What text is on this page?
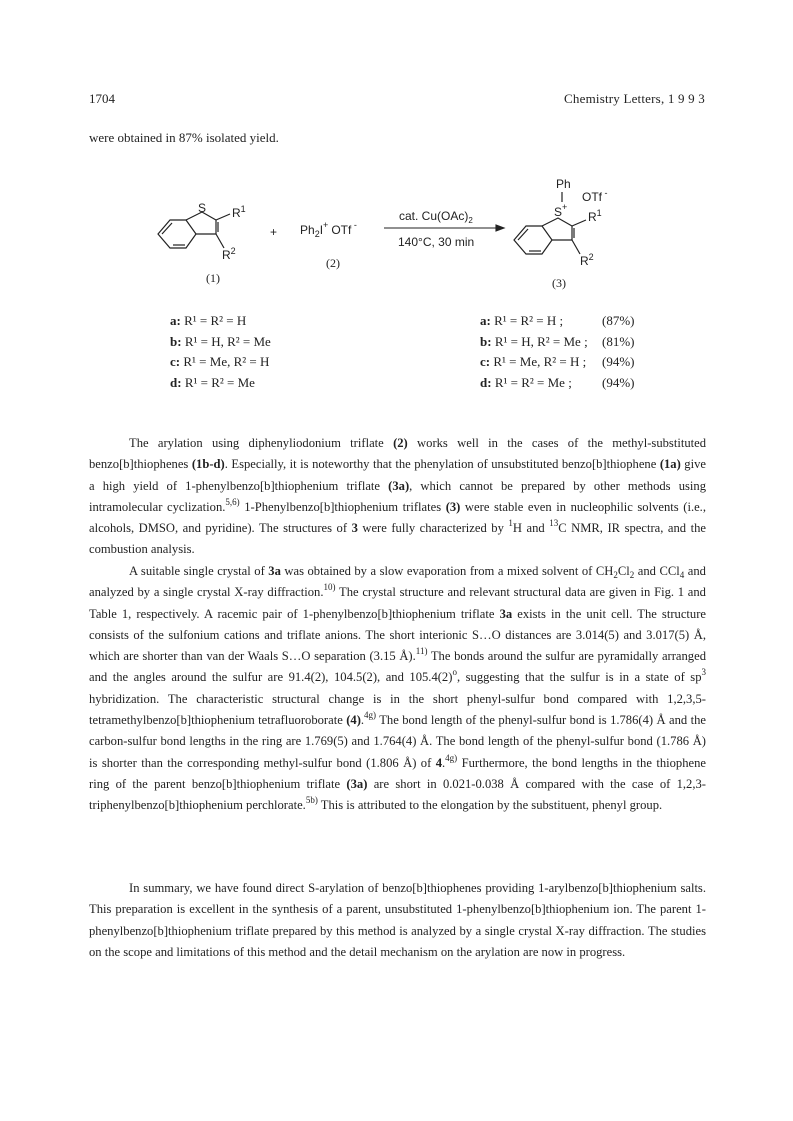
1704	Chemistry Letters, 1 9 9 3
were obtained in 87% isolated yield.
S $R^1$
$R^2$
(1)
+ $Ph_2I^+$ OTf -
(2)
cat. $Cu(OAc)_2$
140°C, 30 min
Ph
OTf -
S+
$R^1$
$R^2$
(3)
a: R¹ = R² = H
b: R¹ = H, R² = Me
c: R¹ = Me, R² = H
d: R¹ = R² = Me
a: R¹ = R² = H ;	(87%)
b: R¹ = H, R² = Me ; (81%)
c: R¹ = Me, R² = H ; (94%)
d: R¹ = R² = Me ; (94%)

The arylation using diphenyliodonium triflate (2) works well in the cases of the methyl-substituted benzo[b]thiophenes (1b-d). Especially, it is noteworthy that the phenylation of unsubstituted benzo[b]thiophene (1a) give a high yield of 1-phenylbenzo[b]thiophenium triflate (3a), which cannot be prepared by other methods using intramolecular cyclization.$^{5,6)}$ 1-Phenylbenzo[b]thiophenium triflates (3) were stable even in nucleophilic solvents (i.e., alcohols, DMSO, and pyridine). The structures of 3 were fully characterized by $^1$H and $^{13}$C NMR, IR spectra, and the combustion analysis.

A suitable single crystal of 3a was obtained by a slow evaporation from a mixed solvent of $CH_2Cl_2$ and CCl$_4$ and analyzed by a single crystal X-ray diffraction.$^{10)}$ The crystal structure and relevant structural data are given in Fig. 1 and Table 1, respectively. A racemic pair of 1-phenylbenzo[b]thiophenium triflate 3a exists in the unit cell. The structure consists of the sulfonium cations and triflate anions. The short interionic S…O distances are 3.014(5) and 3.017(5) Å, which are shorter than van der Waals S…O separation (3.15 Å).$^{11)}$ The bonds around the sulfur are pyramidally arranged and the angles around the sulfur are 91.4(2), 104.5(2), and $105.4(2)^o$, suggesting that the sulfur is in a state of $sp^3$ hybridization. The characteristic structural change is in the short phenyl-sulfur bond compared with 1,2,3,5-tetramethylbenzo[b]thiophenium tetrafluoroborate (4).$^{4g)}$ The bond length of the phenyl-sulfur bond is 1.786(4) Å and the carbon-sulfur bond lengths in the ring are 1.769(5) and 1.764(4) Å. The bond length of the phenyl-sulfur bond (1.786 Å) is shorter than the corresponding methyl-sulfur bond (1.806 Å) of 4.$^{4g)}$ Furthermore, the bond lengths in the thiophene ring of the parent benzo[b]thiophenium triflate (3a) are short in 0.021-0.038 Å compared with the case of 1,2,3-triphenylbenzo[b]thiophenium perchlorate.$^{5b)}$ This is attributed to the elongation by the substituent, phenyl group.

In summary, we have found direct S-arylation of benzo[b]thiophenes providing 1-arylbenzo[b]thiophenium salts. This preparation is excellent in the synthesis of a parent, unsubstituted 1-phenylbenzo[b]thiophenium ion. The parent 1-phenylbenzo[b]thiophenium triflate prepared by this method is analyzed by a single crystal X-ray diffraction. The studies on the scope and limitations of this method and the detail mechanism on the arylation are now in progress.
